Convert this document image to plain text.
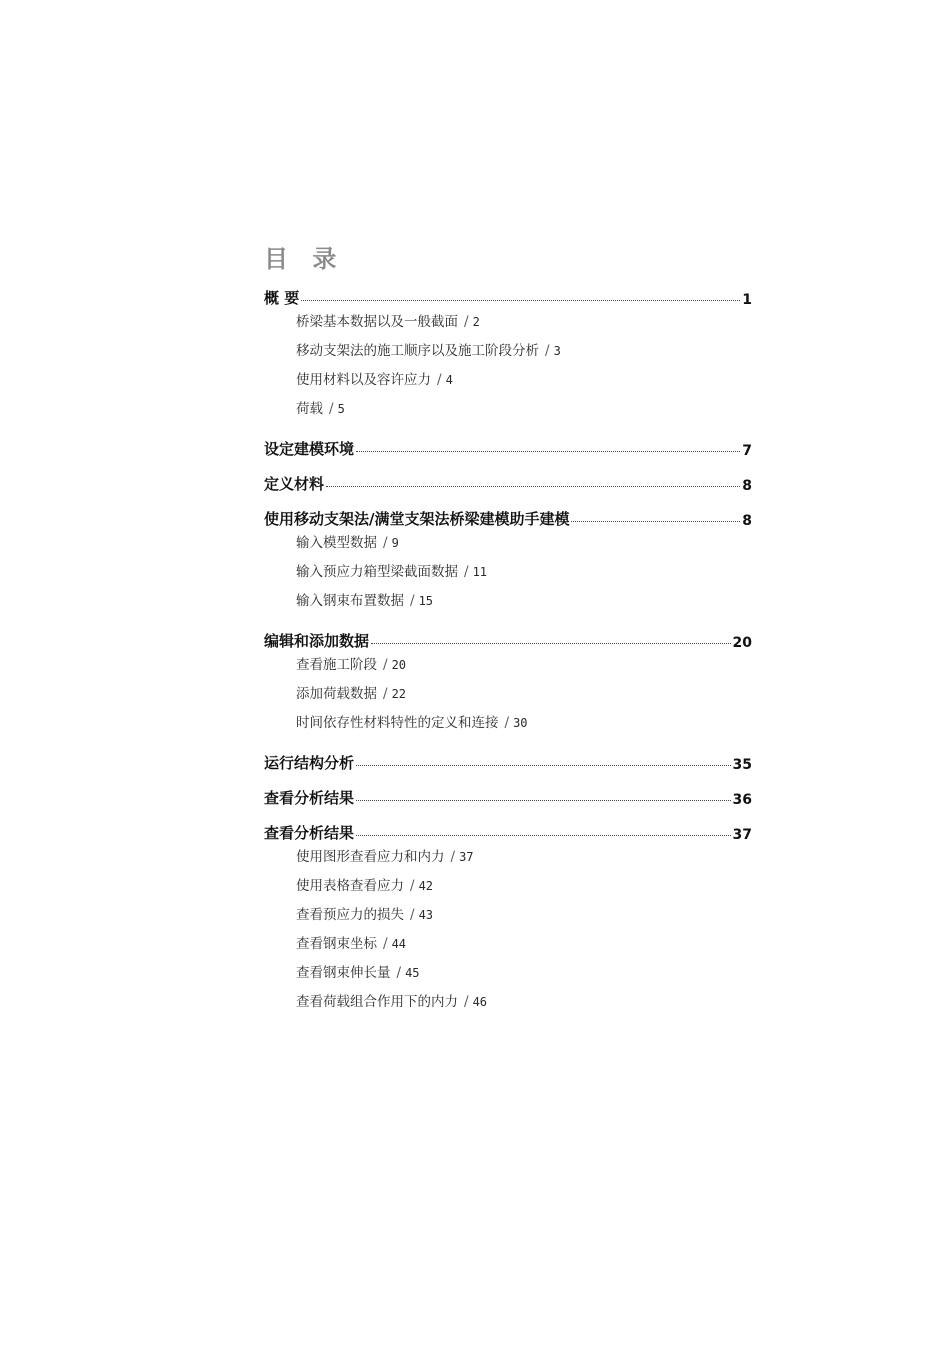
目 录
概 要	1
桥梁基本数据以及一般截面 / 2
移动支架法的施工顺序以及施工阶段分析 / 3
使用材料以及容许应力 / 4
荷载 / 5
设定建模环境	7
定义材料	8
使用移动支架法/满堂支架法桥梁建模助手建模	8
输入模型数据 / 9
输入预应力箱型梁截面数据 / 11
输入钢束布置数据 / 15
编辑和添加数据	20
查看施工阶段 / 20
添加荷载数据 / 22
时间依存性材料特性的定义和连接 / 30
运行结构分析	35
查看分析结果	36
查看分析结果	37
使用图形查看应力和内力 / 37
使用表格查看应力 / 42
查看预应力的损失 / 43
查看钢束坐标 / 44
查看钢束伸长量 / 45
查看荷载组合作用下的内力 / 46
